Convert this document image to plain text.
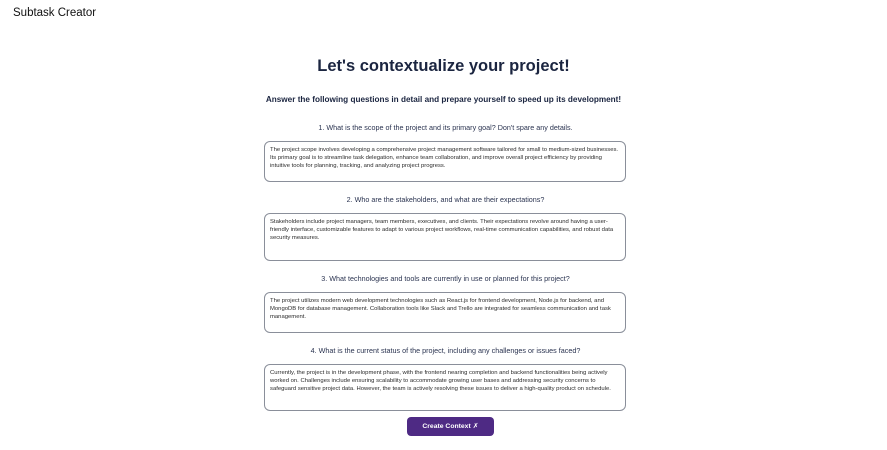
Subtask Creator
Let's contextualize your project!

Answer the following questions in detail and prepare yourself to speed up its development!

1. What is the scope of the project and its primary goal? Don't spare any details.

The project scope involves developing a comprehensive project management software tailored for small to medium-sized businesses. Its primary goal is to streamline task delegation, enhance team collaboration, and improve overall project efficiency by providing intuitive tools for planning, tracking, and analyzing project progress.

2. Who are the stakeholders, and what are their expectations?

Stakeholders include project managers, team members, executives, and clients. Their expectations revolve around having a user-friendly interface, customizable features to adapt to various project workflows, real-time communication capabilities, and robust data security measures.

3. What technologies and tools are currently in use or planned for this project?

The project utilizes modern web development technologies such as React.js for frontend development, Node.js for backend, and MongoDB for database management. Collaboration tools like Slack and Trello are integrated for seamless communication and task management.

4. What is the current status of the project, including any challenges or issues faced?

Currently, the project is in the development phase, with the frontend nearing completion and backend functionalities being actively worked on. Challenges include ensuring scalability to accommodate growing user bases and addressing security concerns to safeguard sensitive project data. However, the team is actively resolving these issues to deliver a high-quality product on schedule.
Create Context ✗
